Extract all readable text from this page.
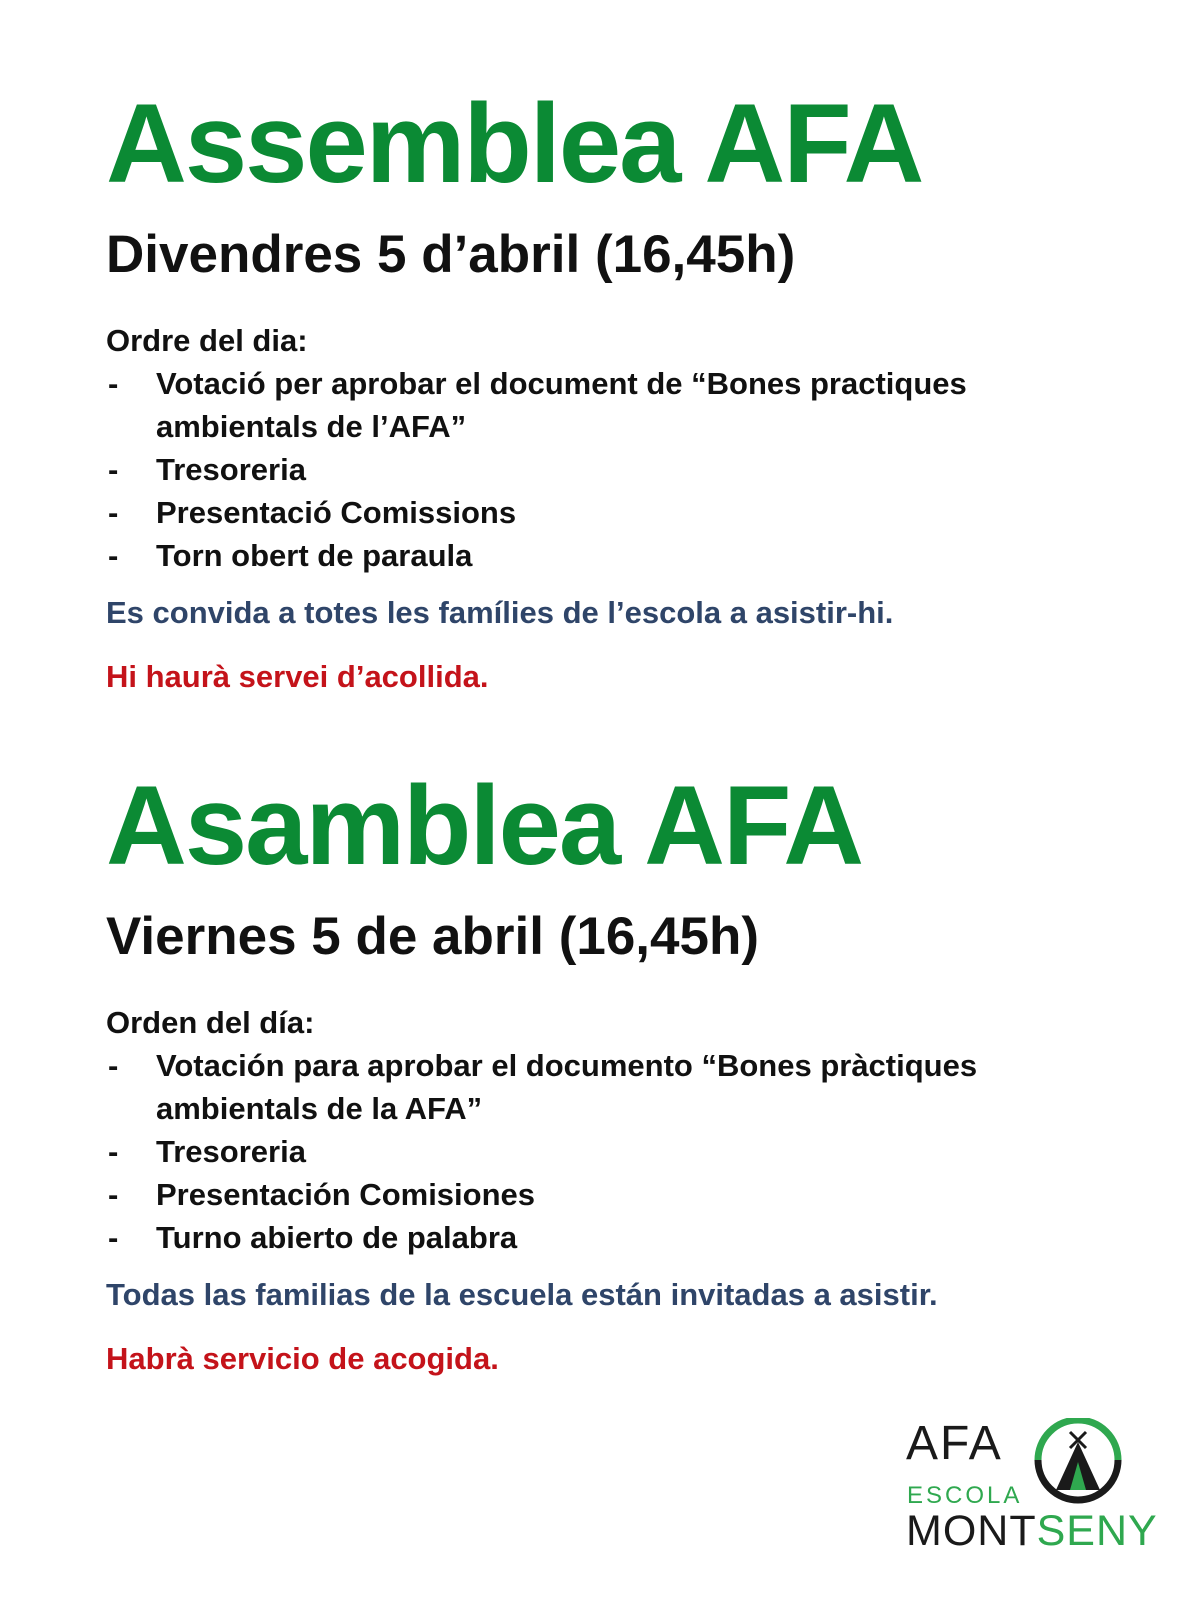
Assemblea AFA

Divendres 5 d’abril (16,45h)

Ordre del dia:

- Votació per aprobar el document de “Bones practiques ambientals de l’AFA”
- Tresoreria
- Presentació Comissions
- Torn obert de paraula

Es convida a totes les famílies de l’escola a asistir-hi.

Hi haurà servei d’acollida.

Asamblea AFA

Viernes 5 de abril (16,45h)

Orden del día:

- Votación para aprobar el documento “Bones pràctiques ambientals de la AFA”
- Tresoreria
- Presentación Comisiones
- Turno abierto de palabra

Todas las familias de la escuela están invitadas a asistir.

Habrà servicio de acogida.

AFA
ESCOLA
MONTSENY
